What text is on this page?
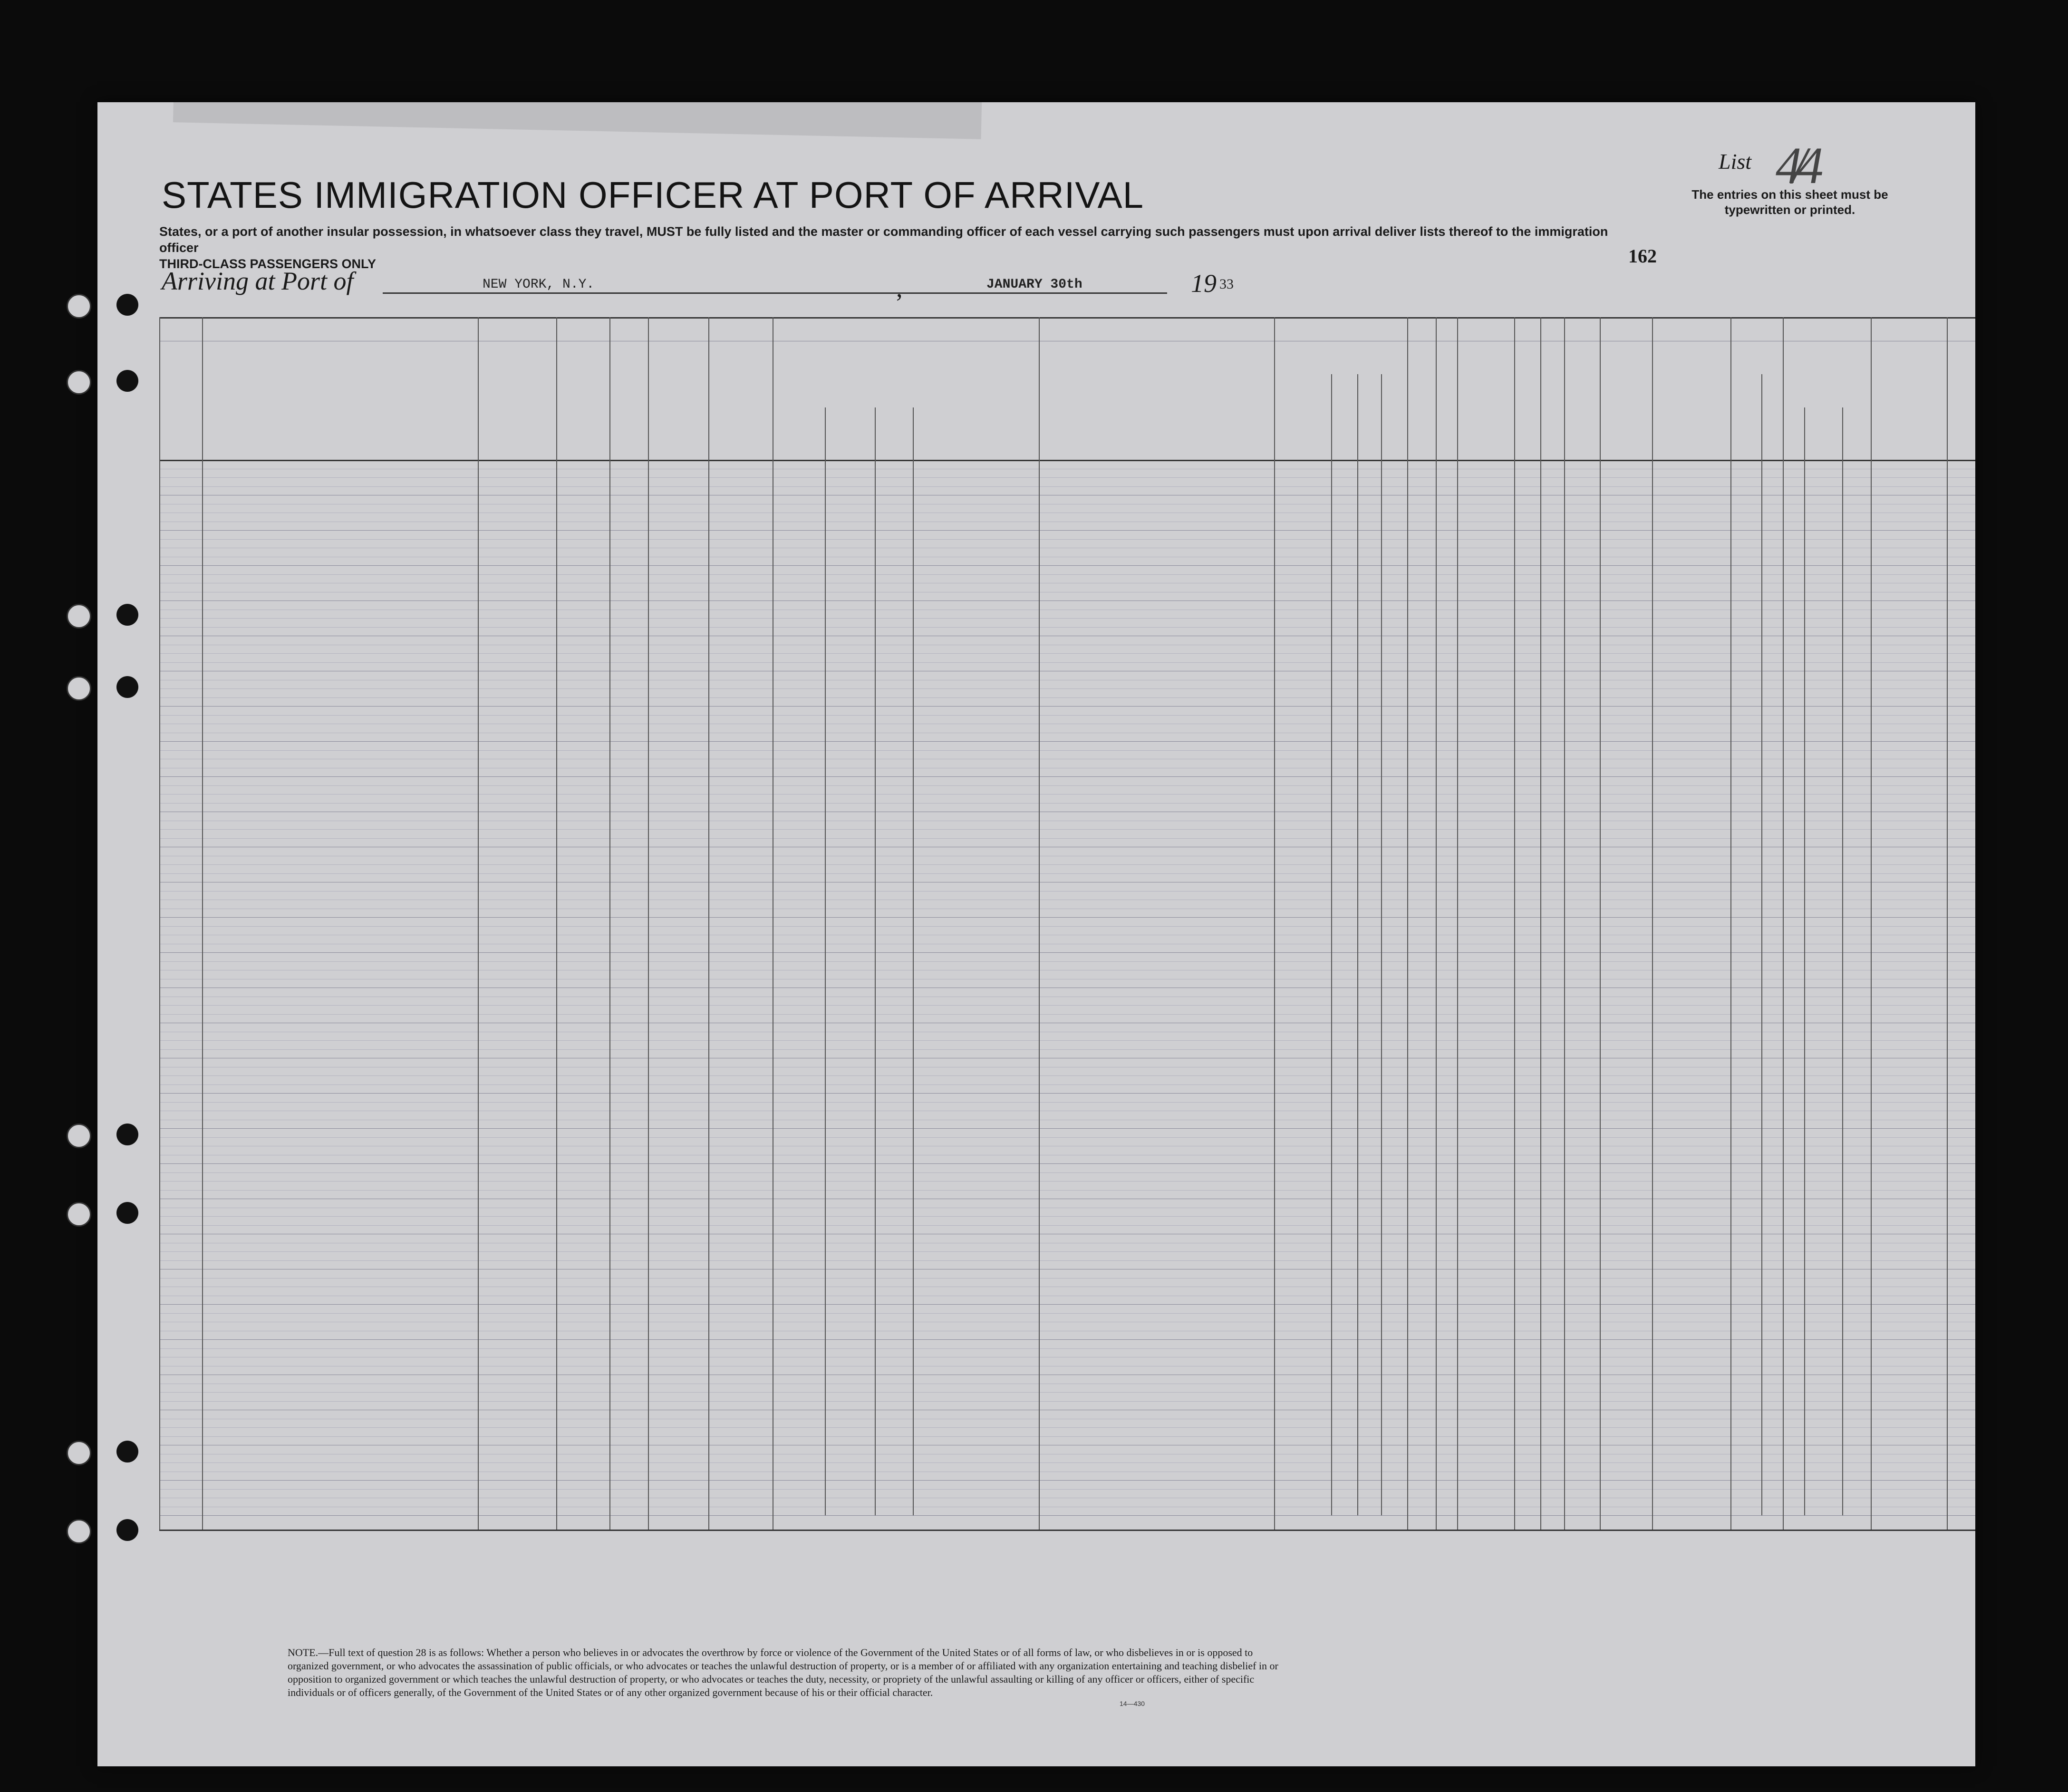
STATES IMMIGRATION OFFICER AT PORT OF ARRIVAL
States, or a port of another insular possession, in whatsoever class they travel, MUST be fully listed and the master or commanding officer of each vessel carrying such passengers must upon arrival deliver lists thereof to the immigration officer
THIRD-CLASS PASSENGERS ONLY
List 4/4
The entries on this sheet must be typewritten or printed.
162
Arriving at Port of	NEW YORK, N.Y.	,	JANUARY 30th	19 33
NOTE.—Full text of question 28 is as follows: Whether a person who believes in or advocates the overthrow by force or violence of the Government of the United States or of all forms of law, or who disbelieves in or is opposed to organized government, or who advocates the assassination of public officials, or who advocates or teaches the unlawful destruction of property, or is a member of or affiliated with any organization entertaining and teaching disbelief in or opposition to organized government or which teaches the unlawful destruction of property, or who advocates or teaches the duty, necessity, or propriety of the unlawful assaulting or killing of any officer or officers, either of specific individuals or of officers generally, of the Government of the United States or of any other organized government because of his or their official character.
14—430
